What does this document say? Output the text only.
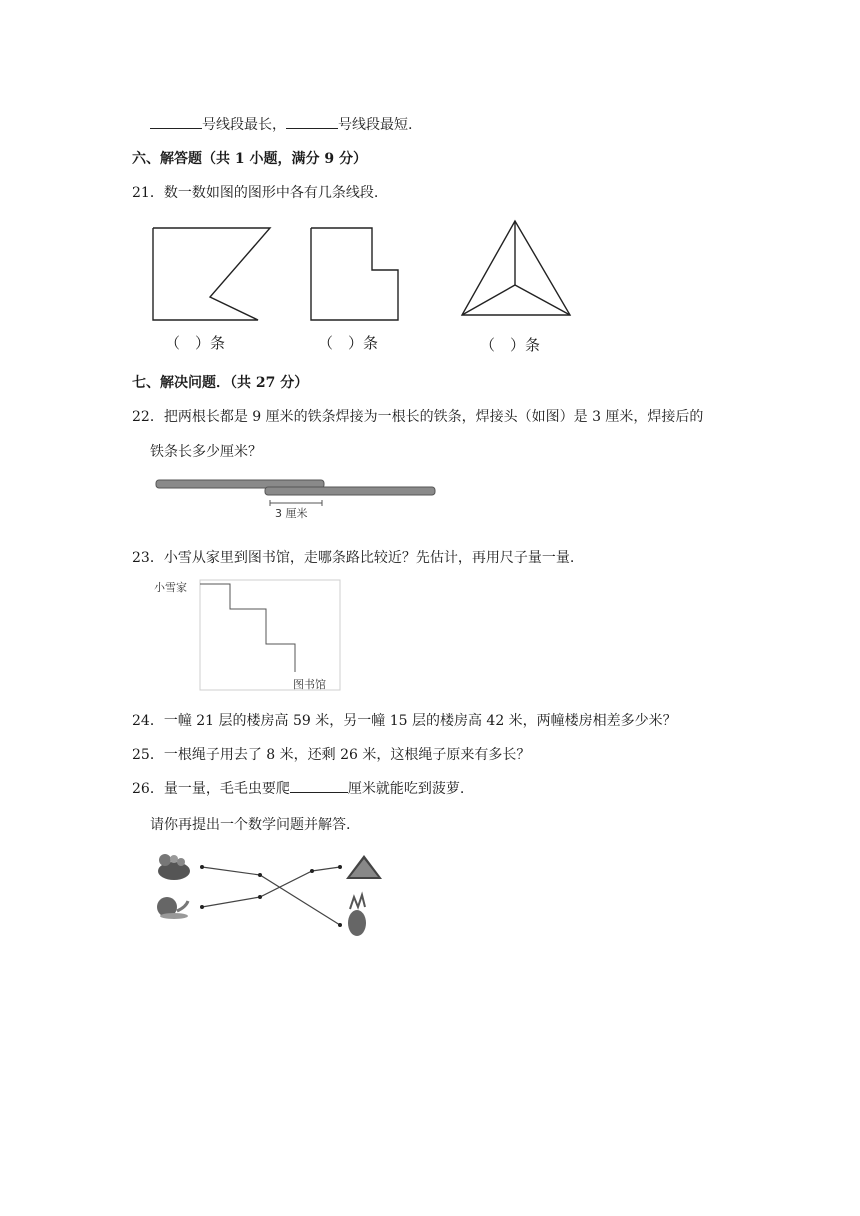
号线段最长，	号线段最短.
六、解答题（共 1 小题，满分 9 分）
21．数一数如图的图形中各有几条线段.
（　）条	（　）条	（　）条
七、解决问题．（共 27 分）
22．把两根长都是 9 厘米的铁条焊接为一根长的铁条，焊接头（如图）是 3 厘米，焊接后的
铁条长多少厘米？
3 厘米
23．小雪从家里到图书馆，走哪条路比较近？先估计，再用尺子量一量.
小雪家
图书馆
24．一幢 21 层的楼房高 59 米，另一幢 15 层的楼房高 42 米，两幢楼房相差多少米？
25．一根绳子用去了 8 米，还剩 26 米，这根绳子原来有多长？
26．量一量，毛毛虫要爬	厘米就能吃到菠萝.
请你再提出一个数学问题并解答.
